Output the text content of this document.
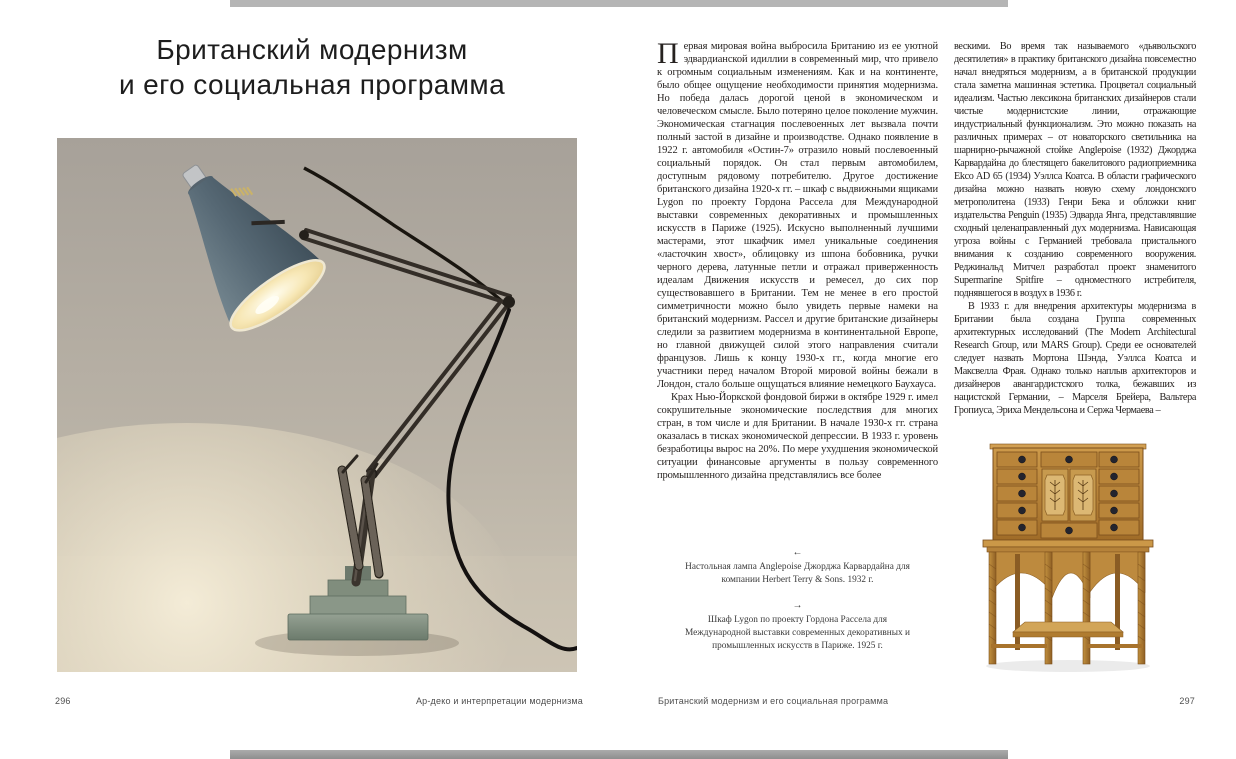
Британский модернизм
и его социальная программа
296	Ар-деко и интерпретации модернизма

Первая мировая война выбросила Британию из ее уютной эдвардианской идиллии в современный мир, что привело к огромным социальным изменениям. Как и на континенте, было общее ощущение необходимости принятия модернизма. Но победа далась дорогой ценой в экономическом и человеческом смысле. Было потеряно целое поколение мужчин. Экономическая стагнация послевоенных лет вызвала почти полный застой в дизайне и производстве. Однако появление в 1922 г. автомобиля «Остин-7» отразило новый послевоенный социальный порядок. Он стал первым автомобилем, доступным рядовому потребителю. Другое достижение британского дизайна 1920-х гг. – шкаф с выдвижными ящиками Lygon по проекту Гордона Рассела для Международной выставки современных декоративных и промышленных искусств в Париже (1925). Искусно выполненный лучшими мастерами, этот шкафчик имел уникальные соединения «ласточкин хвост», облицовку из шпона бобовника, ручки черного дерева, латунные петли и отражал приверженность идеалам Движения искусств и ремесел, до сих пор существовавшего в Британии. Тем не менее в его простой симметричности можно было увидеть первые намеки на британский модернизм. Рассел и другие британские дизайнеры следили за развитием модернизма в континентальной Европе, но главной движущей силой этого направления считали французов. Лишь к концу 1930-х гг., когда многие его участники перед началом Второй мировой войны бежали в Лондон, стало больше ощущаться влияние немецкого Баухауса.

Крах Нью-Йоркской фондовой биржи в октябре 1929 г. имел сокрушительные экономические последствия для многих стран, в том числе и для Британии. В начале 1930-х гг. страна оказалась в тисках экономической депрессии. В 1933 г. уровень безработицы вырос на 20%. По мере ухудшения экономической ситуации финансовые аргументы в пользу современного промышленного дизайна представлялись все более

вескими. Во время так называемого «дьявольского десятилетия» в практику британского дизайна повсеместно начал внедряться модернизм, а в британской продукции стала заметна машинная эстетика. Процветал социальный идеализм. Частью лексикона британских дизайнеров стали чистые модернистские линии, отражающие индустриальный функционализм. Это можно показать на различных примерах – от новаторского светильника на шарнирно-рычажной стойке Anglepoise (1932) Джорджа Карвардайна до блестящего бакелитового радиоприемника Ekco AD 65 (1934) Уэллса Коатса. В области графического дизайна можно назвать новую схему лондонского метрополитена (1933) Генри Бека и обложки книг издательства Penguin (1935) Эдварда Янга, представлявшие сходный целенаправленный дух модернизма. Нависающая угроза войны с Германией требовала пристального внимания к созданию современного вооружения. Реджинальд Митчел разработал проект знаменитого Supermarine Spitfire – одноместного истребителя, поднявшегося в воздух в 1936 г.

В 1933 г. для внедрения архитектуры модернизма в Британии была создана Группа современных архитектурных исследований (The Modern Architectural Research Group, или MARS Group). Среди ее основателей следует назвать Мортона Шэнда, Уэллса Коатса и Максвелла Фрая. Однако только наплыв архитекторов и дизайнеров авангардистского толка, бежавших из нацистской Германии, – Марселя Брейера, Вальтера Гропиуса, Эриха Мендельсона и Сержа Чермаева –

←
Настольная лампа Anglepoise Джорджа Карвардайна для компании Herbert Terry & Sons. 1932 г.
→
Шкаф Lygon по проекту Гордона Рассела для Международной выставки современных декоративных и промышленных искусств в Париже. 1925 г.
Британский модернизм и его социальная программа	297
